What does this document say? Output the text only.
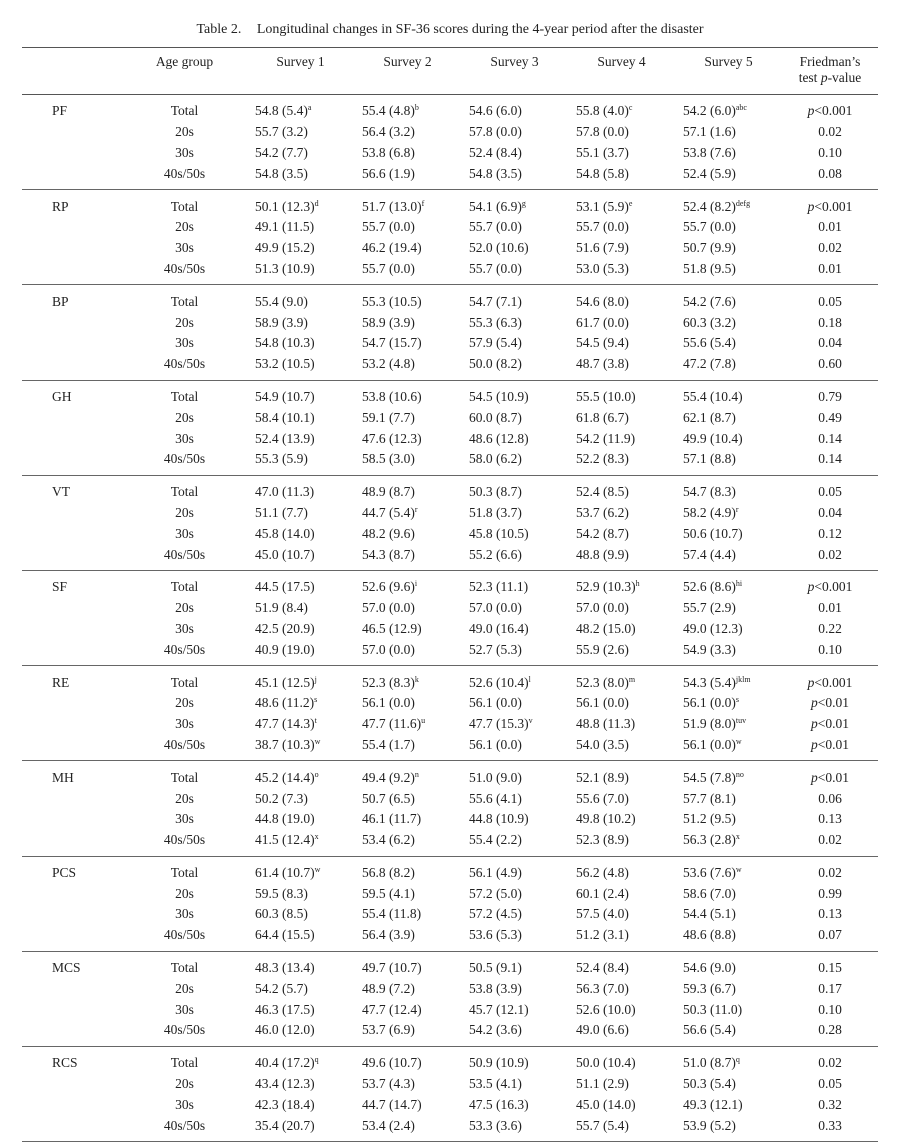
Table 2. Longitudinal changes in SF-36 scores during the 4-year period after the disaster
	Age group	Survey 1	Survey 2	Survey 3	Survey 4	Survey 5	Friedman’s
test p-value
PF	Total	54.8 $(5.4)^a$	55.4 $(4.8)^b$	54.6 (6.0)	55.8 $(4.0)^c$	54.2 $(6.0)^{abc}$	p<0.001
	20s	55.7 (3.2)	56.4 (3.2)	57.8 (0.0)	57.8 (0.0)	57.1 (1.6)	0.02
	30s	54.2 (7.7)	53.8 (6.8)	52.4 (8.4)	55.1 (3.7)	53.8 (7.6)	0.10
	40s/50s	54.8 (3.5)	56.6 (1.9)	54.8 (3.5)	54.8 (5.8)	52.4 (5.9)	0.08
RP	Total	50.1 $(12.3)^d$	51.7 $(13.0)^f$	54.1 $(6.9)^g$	53.1 $(5.9)^e$	52.4 $(8.2)^{defg}$	p<0.001
	20s	49.1 (11.5)	55.7 (0.0)	55.7 (0.0)	55.7 (0.0)	55.7 (0.0)	0.01
	30s	49.9 (15.2)	46.2 (19.4)	52.0 (10.6)	51.6 (7.9)	50.7 (9.9)	0.02
	40s/50s	51.3 (10.9)	55.7 (0.0)	55.7 (0.0)	53.0 (5.3)	51.8 (9.5)	0.01
BP	Total	55.4 (9.0)	55.3 (10.5)	54.7 (7.1)	54.6 (8.0)	54.2 (7.6)	0.05
	20s	58.9 (3.9)	58.9 (3.9)	55.3 (6.3)	61.7 (0.0)	60.3 (3.2)	0.18
	30s	54.8 (10.3)	54.7 (15.7)	57.9 (5.4)	54.5 (9.4)	55.6 (5.4)	0.04
	40s/50s	53.2 (10.5)	53.2 (4.8)	50.0 (8.2)	48.7 (3.8)	47.2 (7.8)	0.60
GH	Total	54.9 (10.7)	53.8 (10.6)	54.5 (10.9)	55.5 (10.0)	55.4 (10.4)	0.79
	20s	58.4 (10.1)	59.1 (7.7)	60.0 (8.7)	61.8 (6.7)	62.1 (8.7)	0.49
	30s	52.4 (13.9)	47.6 (12.3)	48.6 (12.8)	54.2 (11.9)	49.9 (10.4)	0.14
	40s/50s	55.3 (5.9)	58.5 (3.0)	58.0 (6.2)	52.2 (8.3)	57.1 (8.8)	0.14
VT	Total	47.0 (11.3)	48.9 (8.7)	50.3 (8.7)	52.4 (8.5)	54.7 (8.3)	0.05
	20s	51.1 (7.7)	44.7 $(5.4)^r$	51.8 (3.7)	53.7 (6.2)	58.2 $(4.9)^r$	0.04
	30s	45.8 (14.0)	48.2 (9.6)	45.8 (10.5)	54.2 (8.7)	50.6 (10.7)	0.12
	40s/50s	45.0 (10.7)	54.3 (8.7)	55.2 (6.6)	48.8 (9.9)	57.4 (4.4)	0.02
SF	Total	44.5 (17.5)	52.6 $(9.6)^i$	52.3 (11.1)	52.9 $(10.3)^h$	52.6 $(8.6)^{hi}$	p<0.001
	20s	51.9 (8.4)	57.0 (0.0)	57.0 (0.0)	57.0 (0.0)	55.7 (2.9)	0.01
	30s	42.5 (20.9)	46.5 (12.9)	49.0 (16.4)	48.2 (15.0)	49.0 (12.3)	0.22
	40s/50s	40.9 (19.0)	57.0 (0.0)	52.7 (5.3)	55.9 (2.6)	54.9 (3.3)	0.10
RE	Total	45.1 $(12.5)^j$	52.3 $(8.3)^k$	52.6 $(10.4)^l$	52.3 $(8.0)^m$	54.3 $(5.4)^{jklm}$	p<0.001
	20s	48.6 $(11.2)^s$	56.1 (0.0)	56.1 (0.0)	56.1 (0.0)	56.1 $(0.0)^s$	p<0.01
	30s	47.7 $(14.3)^t$	47.7 $(11.6)^u$	47.7 $(15.3)^v$	48.8 (11.3)	51.9 $(8.0)^{tuv}$	p<0.01
	40s/50s	38.7 $(10.3)^w$	55.4 (1.7)	56.1 (0.0)	54.0 (3.5)	56.1 $(0.0)^w$	p<0.01
MH	Total	45.2 $(14.4)^o$	49.4 $(9.2)^n$	51.0 (9.0)	52.1 (8.9)	54.5 $(7.8)^{no}$	p<0.01
	20s	50.2 (7.3)	50.7 (6.5)	55.6 (4.1)	55.6 (7.0)	57.7 (8.1)	0.06
	30s	44.8 (19.0)	46.1 (11.7)	44.8 (10.9)	49.8 (10.2)	51.2 (9.5)	0.13
	40s/50s	41.5 $(12.4)^x$	53.4 (6.2)	55.4 (2.2)	52.3 (8.9)	56.3 $(2.8)^x$	0.02
PCS	Total	61.4 $(10.7)^w$	56.8 (8.2)	56.1 (4.9)	56.2 (4.8)	53.6 $(7.6)^w$	0.02
	20s	59.5 (8.3)	59.5 (4.1)	57.2 (5.0)	60.1 (2.4)	58.6 (7.0)	0.99
	30s	60.3 (8.5)	55.4 (11.8)	57.2 (4.5)	57.5 (4.0)	54.4 (5.1)	0.13
	40s/50s	64.4 (15.5)	56.4 (3.9)	53.6 (5.3)	51.2 (3.1)	48.6 (8.8)	0.07
MCS	Total	48.3 (13.4)	49.7 (10.7)	50.5 (9.1)	52.4 (8.4)	54.6 (9.0)	0.15
	20s	54.2 (5.7)	48.9 (7.2)	53.8 (3.9)	56.3 (7.0)	59.3 (6.7)	0.17
	30s	46.3 (17.5)	47.7 (12.4)	45.7 (12.1)	52.6 (10.0)	50.3 (11.0)	0.10
	40s/50s	46.0 (12.0)	53.7 (6.9)	54.2 (3.6)	49.0 (6.6)	56.6 (5.4)	0.28
RCS	Total	40.4 $(17.2)^q$	49.6 (10.7)	50.9 (10.9)	50.0 (10.4)	51.0 $(8.7)^q$	0.02
	20s	43.4 (12.3)	53.7 (4.3)	53.5 (4.1)	51.1 (2.9)	50.3 (5.4)	0.05
	30s	42.3 (18.4)	44.7 (14.7)	47.5 (16.3)	45.0 (14.0)	49.3 (12.1)	0.32
	40s/50s	35.4 (20.7)	53.4 (2.4)	53.3 (3.6)	55.7 (5.4)	53.9 (5.2)	0.33
